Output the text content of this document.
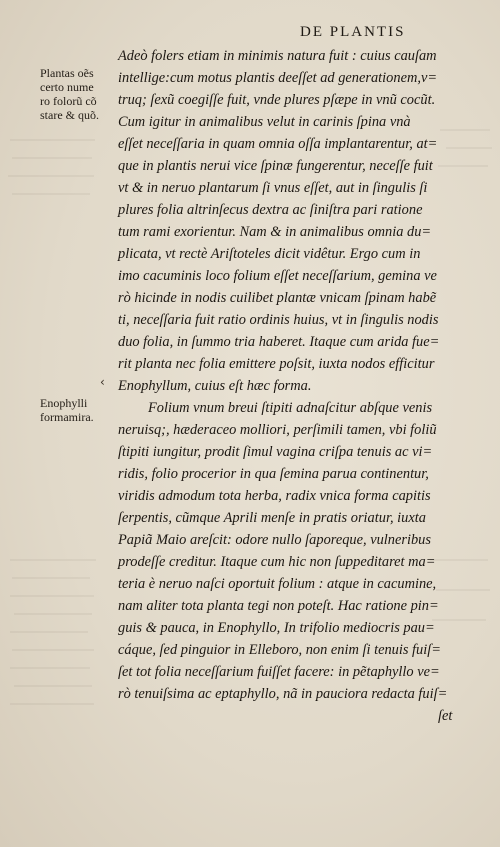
DE PLANTIS
Plantas oẽs
certo nume
ro folorũ cõ
stare & quõ.
Enophylli
formamira.
‹
Adeò folers etiam in minimis natura fuit : cuius cauſam
intellige:cum motus plantis deeſſet ad generationem,v=
truq; ſexũ coegiſſe fuit, vnde plures pſæpe in vnũ cocũt.
Cum igitur in animalibus velut in carinis ſpina vnà
eſſet neceſſaria in quam omnia oſſa implantarentur, at=
que in plantis nerui vice ſpinæ fungerentur, neceſſe fuit
vt & in neruo plantarum ſi vnus eſſet, aut in ſingulis ſi
plures folia altrinſecus dextra ac ſiniſtra pari ratione
tum rami exorientur. Nam & in animalibus omnia du=
plicata, vt rectè Ariſtoteles dicit vidêtur. Ergo cum in
imo cacuminis loco folium eſſet neceſſarium, gemina ve
rò hicinde in nodis cuilibet plantæ vnicam ſpinam habẽ
ti, neceſſaria fuit ratio ordinis huius, vt in ſingulis nodis
duo folia, in ſummo tria haberet. Itaque cum arida fue=
rit planta nec folia emittere poſsit, iuxta nodos efficitur
Enophyllum, cuius eſt hæc forma.
Folium vnum breui ſtipiti adnaſcitur abſque venis
neruisq;, hæderaceo molliori, perſimili tamen, vbi foliũ
ſtipiti iungitur, prodit ſimul vagina criſpa tenuis ac vi=
ridis, folio procerior in qua ſemina parua continentur,
viridis admodum tota herba, radix vnica forma capitis
ſerpentis, cũmque Aprili menſe in pratis oriatur, iuxta
Papiã Maio areſcit: odore nullo ſaporeque, vulneribus
prodeſſe creditur. Itaque cum hic non ſuppeditaret ma=
teria è neruo naſci oportuit folium : atque in cacumine,
nam aliter tota planta tegi non poteſt. Hac ratione pin=
guis & pauca, in Enophyllo, In trifolio mediocris pau=
cáque, ſed pinguior in Elleboro, non enim ſi tenuis fuiſ=
ſet tot folia neceſſarium fuiſſet facere: in pẽtaphyllo ve=
rò tenuiſsima ac eptaphyllo, nã in pauciora redacta fuiſ=
ſet
